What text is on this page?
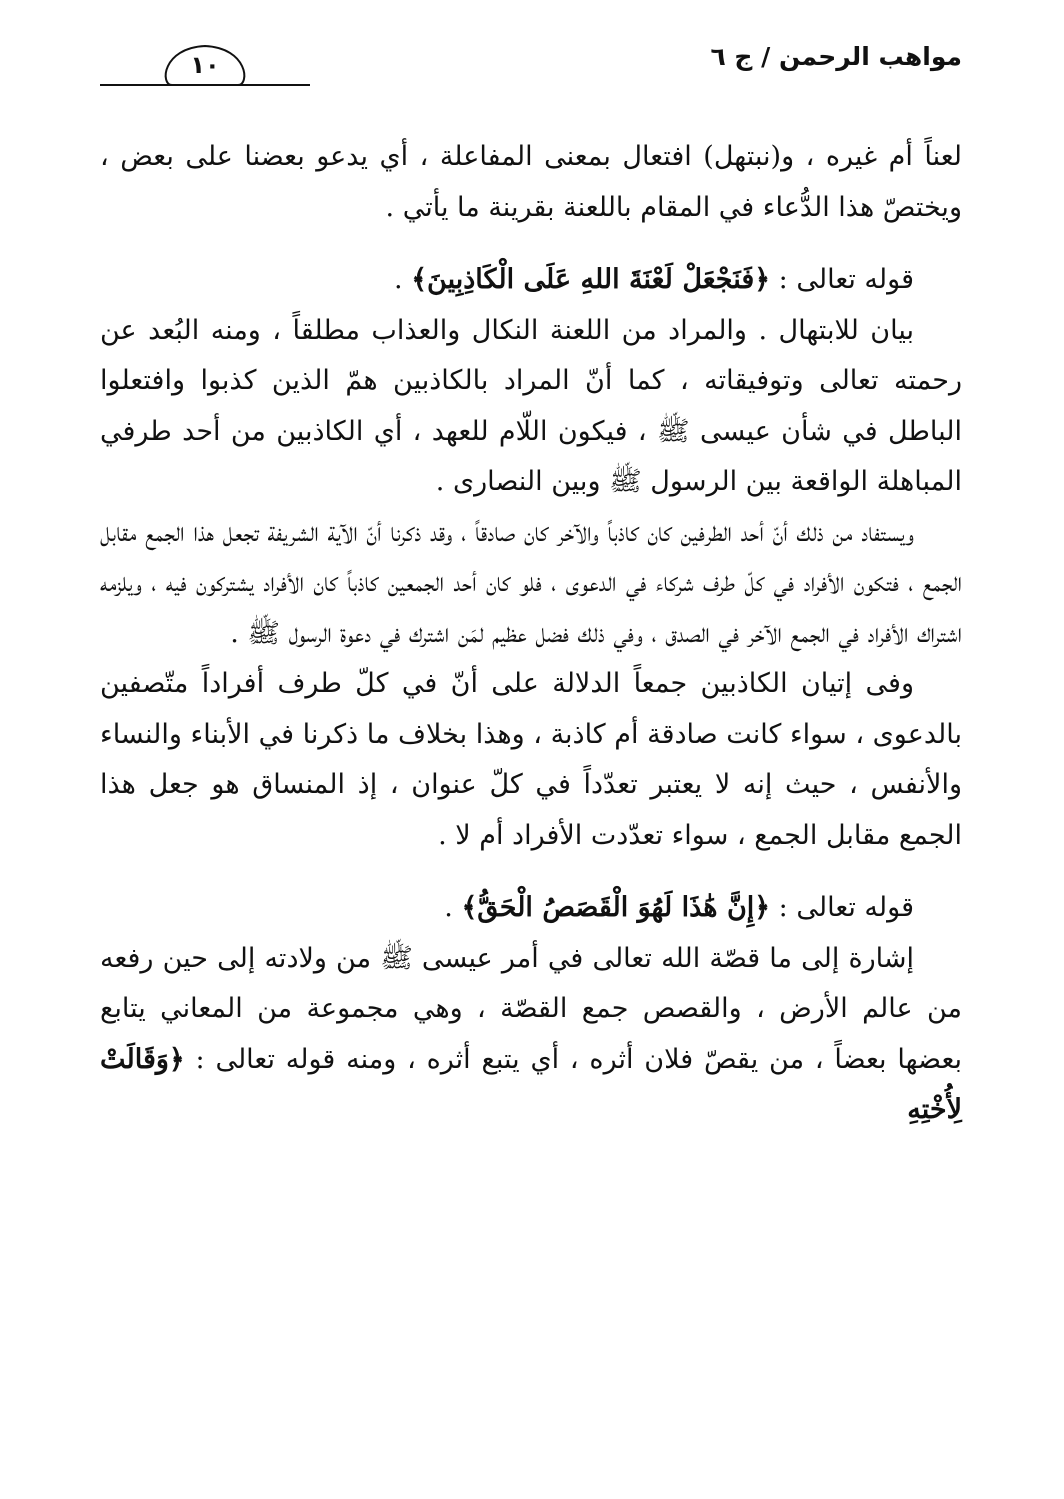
مواهب الرحمن / ج ٦
١٠

لعناً أم غيره ، و(نبتهل) افتعال بمعنى المفاعلة ، أي يدعو بعضنا على بعض ، ويختصّ هذا الدُّعاء في المقام باللعنة بقرينة ما يأتي .

قوله تعالى : ﴿فَنَجْعَلْ لَعْنَةَ اللهِ عَلَى الْكَاذِبِينَ﴾ .

بيان للابتهال . والمراد من اللعنة النكال والعذاب مطلقاً ، ومنه البُعد عن رحمته تعالى وتوفيقاته ، كما أنّ المراد بالكاذبين همّ الذين كذبوا وافتعلوا الباطل في شأن عيسى ﷺ ، فيكون اللّام للعهد ، أي الكاذبين من أحد طرفي المباهلة الواقعة بين الرسول ﷺ وبين النصارى .

ويستفاد من ذلك أنّ أحد الطرفين كان كاذباً والآخر كان صادقاً ، وقد ذكرنا أنّ الآية الشريفة تجعل هذا الجمع مقابل الجمع ، فتكون الأفراد في كلّ طرف شركاء في الدعوى ، فلو كان أحد الجمعين كاذباً كان الأفراد يشتركون فيه ، ويلزمه اشتراك الأفراد في الجمع الآخر في الصدق ، وفي ذلك فضل عظيم لمَن اشترك في دعوة الرسول ﷺ .

وفى إتيان الكاذبين جمعاً الدلالة على أنّ في كلّ طرف أفراداً متّصفين بالدعوى ، سواء كانت صادقة أم كاذبة ، وهذا بخلاف ما ذكرنا في الأبناء والنساء والأنفس ، حيث إنه لا يعتبر تعدّداً في كلّ عنوان ، إذ المنساق هو جعل هذا الجمع مقابل الجمع ، سواء تعدّدت الأفراد أم لا .

قوله تعالى : ﴿إِنَّ هَٰذَا لَهُوَ الْقَصَصُ الْحَقُّ﴾ .

إشارة إلى ما قصّة الله تعالى في أمر عيسى ﷺ من ولادته إلى حين رفعه من عالم الأرض ، والقصص جمع القصّة ، وهي مجموعة من المعاني يتابع بعضها بعضاً ، من يقصّ فلان أثره ، أي يتبع أثره ، ومنه قوله تعالى : ﴿وَقَالَتْ لِأُخْتِهِ
